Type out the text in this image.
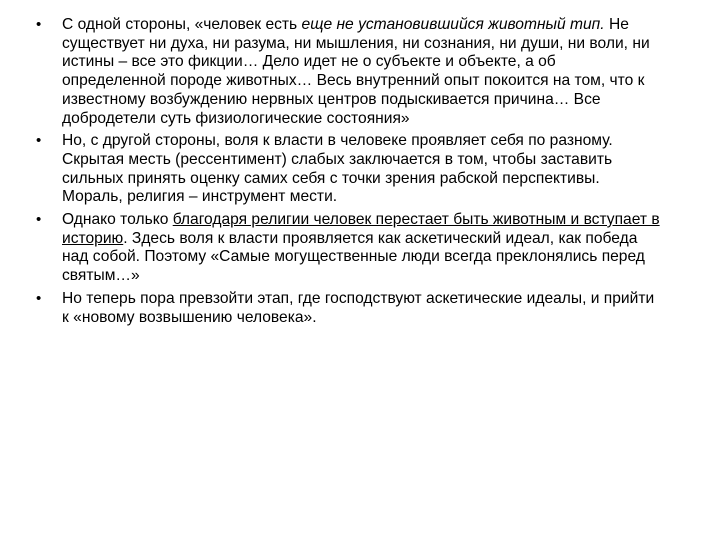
• С одной стороны, «человек есть еще не установившийся животный тип. Не существует ни духа, ни разума, ни мышления, ни сознания, ни души, ни воли, ни истины – все это фикции… Дело идет не о субъекте и объекте, а об определенной породе животных… Весь внутренний опыт покоится на том, что к известному возбуждению нервных центров подыскивается причина… Все добродетели суть физиологические состояния»
• Но, с другой стороны, воля к власти в человеке проявляет себя по разному. Скрытая месть (рессентимент) слабых заключается в том, чтобы заставить сильных принять оценку самих себя с точки зрения рабской перспективы. Мораль, религия – инструмент мести.
• Однако только благодаря религии человек перестает быть животным и вступает в историю. Здесь воля к власти проявляется как аскетический идеал, как победа над собой. Поэтому «Самые могущественные люди всегда преклонялись перед святым…»
• Но теперь пора превзойти этап, где господствуют аскетические идеалы, и прийти к «новому возвышению человека».
